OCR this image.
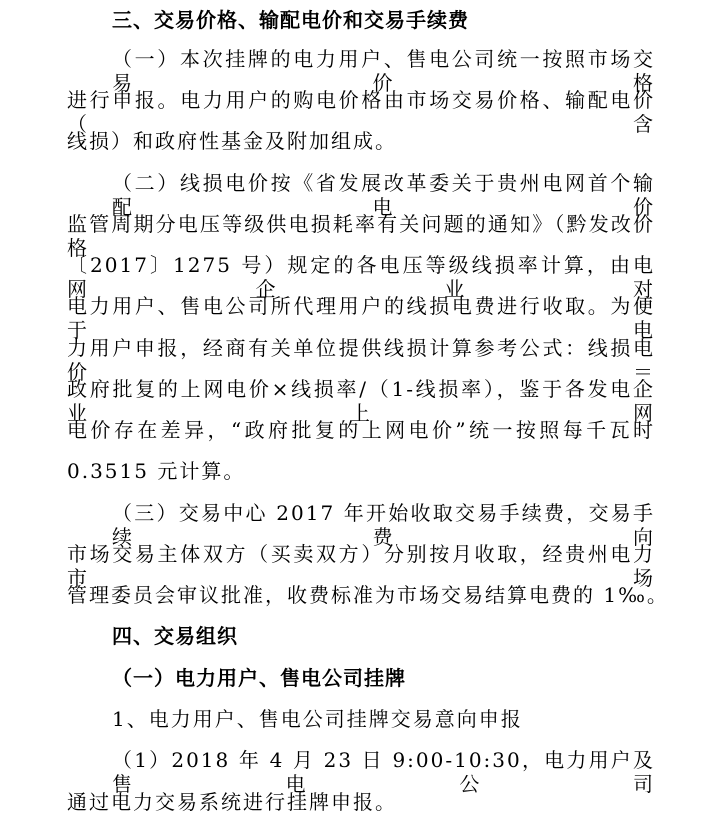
三、交易价格、输配电价和交易手续费
（一）本次挂牌的电力用户、售电公司统一按照市场交易价格
进行申报。电力用户的购电价格由市场交易价格、输配电价（含
线损）和政府性基金及附加组成。
（二）线损电价按《省发展改革委关于贵州电网首个输配电价
监管周期分电压等级供电损耗率有关问题的通知》（黔发改价格
〔2017〕1275 号）规定的各电压等级线损率计算，由电网企业对
电力用户、售电公司所代理用户的线损电费进行收取。为便于电
力用户申报，经商有关单位提供线损计算参考公式：线损电价＝
政府批复的上网电价×线损率/（1-线损率），鉴于各发电企业上网
电价存在差异，“政府批复的上网电价”统一按照每千瓦时
0.3515 元计算。
（三）交易中心 2017 年开始收取交易手续费，交易手续费向
市场交易主体双方（买卖双方）分别按月收取，经贵州电力市场
管理委员会审议批准，收费标准为市场交易结算电费的 1‰。
四、交易组织
（一）电力用户、售电公司挂牌
1、电力用户、售电公司挂牌交易意向申报
（1）2018 年 4 月 23 日 9:00-10:30，电力用户及售电公司
通过电力交易系统进行挂牌申报。
